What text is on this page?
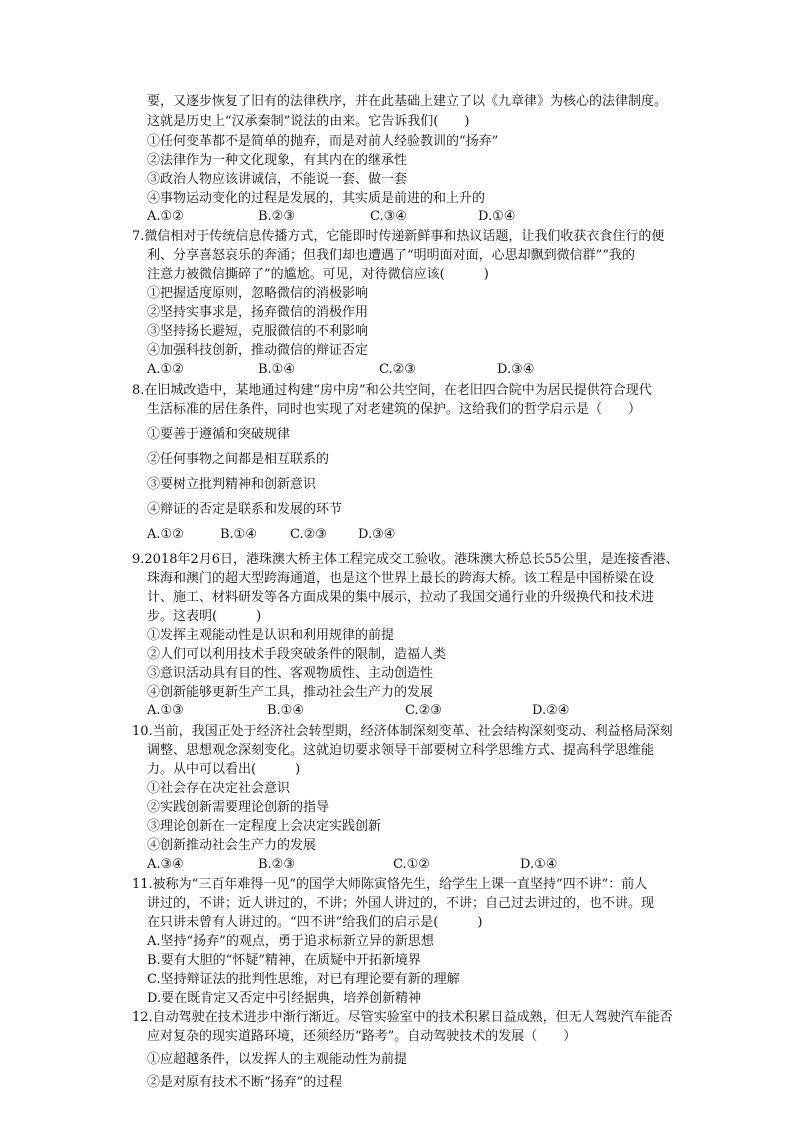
要，又逐步恢复了旧有的法律秩序，并在此基础上建立了以《九章律》为核心的法律制度。
这就是历史上“汉承秦制”说法的由来。它告诉我们(　　)
①任何变革都不是简单的抛弃，而是对前人经验教训的“扬弃”
②法律作为一种文化现象，有其内在的继承性
③政治人物应该讲诚信，不能说一套、做一套
④事物运动变化的过程是发展的，其实质是前进的和上升的
A.①②	B.②③	C.③④	D.①④
7.微信相对于传统信息传播方式，它能即时传递新鲜事和热议话题，让我们收获衣食住行的便
利、分享喜怒哀乐的奔涌；但我们却也遭遇了“明明面对面，心思却飘到微信群”“我的
注意力被微信撕碎了”的尴尬。可见，对待微信应该(　　　)
①把握适度原则，忽略微信的消极影响
②坚持实事求是，扬弃微信的消极作用
③坚持扬长避短，克服微信的不利影响
④加强科技创新，推动微信的辩证否定
A.①②	B.①④	C.②③	D.③④
8.在旧城改造中，某地通过构建“房中房”和公共空间，在老旧四合院中为居民提供符合现代
生活标准的居住条件，同时也实现了对老建筑的保护。这给我们的哲学启示是（　　）
①要善于遵循和突破规律
②任何事物之间都是相互联系的
③要树立批判精神和创新意识
④辩证的否定是联系和发展的环节
A.①②	B.①④	C.②③ D.③④
9.2018年2月6日，港珠澳大桥主体工程完成交工验收。港珠澳大桥总长55公里，是连接香港、
珠海和澳门的超大型跨海通道，也是这个世界上最长的跨海大桥。该工程是中国桥梁在设
计、施工、材料研发等各方面成果的集中展示，拉动了我国交通行业的升级换代和技术进
步。这表明(　　　)
①发挥主观能动性是认识和利用规律的前提
②人们可以利用技术手段突破条件的限制，造福人类
③意识活动具有目的性、客观物质性、主动创造性
④创新能够更新生产工具，推动社会生产力的发展
A.①③	B.①④	C.②③	D.②④
10.当前，我国正处于经济社会转型期，经济体制深刻变革、社会结构深刻变动、利益格局深刻
调整、思想观念深刻变化。这就迫切要求领导干部要树立科学思维方式、提高科学思维能
力。从中可以看出(　　　)
①社会存在决定社会意识
②实践创新需要理论创新的指导
③理论创新在一定程度上会决定实践创新
④创新推动社会生产力的发展
A.③④	B.②③	C.①②	D.①④
11.被称为“三百年难得一见”的国学大师陈寅恪先生，给学生上课一直坚持“四不讲”：前人
讲过的，不讲；近人讲过的，不讲；外国人讲过的，不讲；自己过去讲过的，也不讲。现
在只讲未曾有人讲过的。“四不讲”给我们的启示是(　　　)
A.坚持“扬弃”的观点，勇于追求标新立异的新思想
B.要有大胆的“怀疑”精神，在质疑中开拓新境界
C.坚持辩证法的批判性思维，对已有理论要有新的理解
D.要在既肯定又否定中引经据典，培养创新精神
12.自动驾驶在技术进步中渐行渐近。尽管实验室中的技术积累日益成熟，但无人驾驶汽车能否
应对复杂的现实道路环境，还须经历“路考”。自动驾驶技术的发展（　　）
①应超越条件，以发挥人的主观能动性为前提
②是对原有技术不断“扬弃”的过程
